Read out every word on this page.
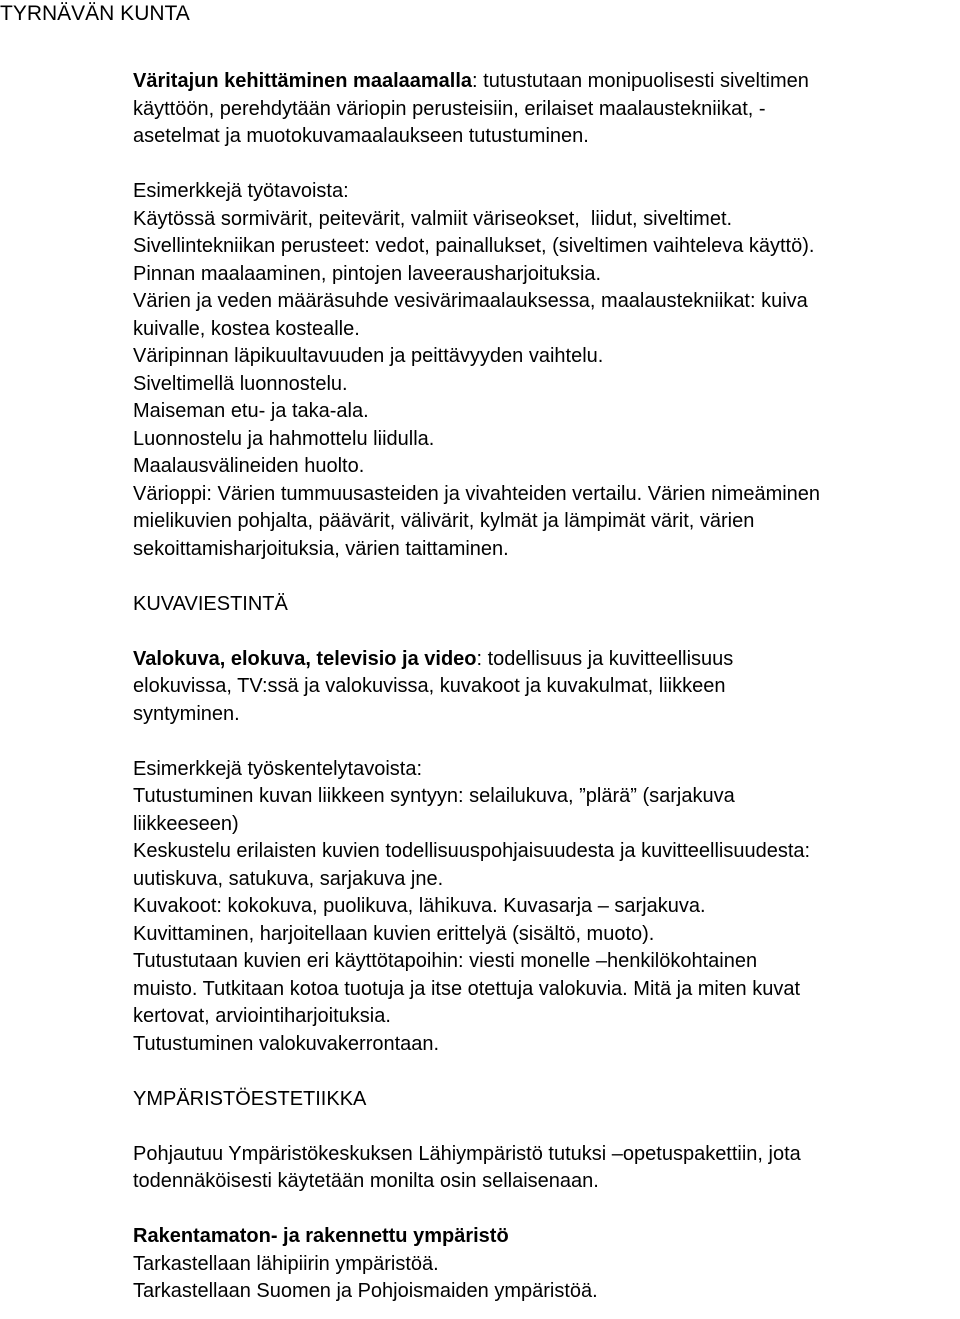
TYRNÄVÄN KUNTA
Väritajun kehittäminen maalaamalla: tutustutaan monipuolisesti siveltimen
käyttöön, perehdytään väriopin perusteisiin, erilaiset maalaustekniikat, -
asetelmat ja muotokuvamaalaukseen tutustuminen.
Esimerkkejä työtavoista:
Käytössä sormivärit, peitevärit, valmiit väriseokset,  liidut, siveltimet.
Sivellintekniikan perusteet: vedot, painallukset, (siveltimen vaihteleva käyttö).
Pinnan maalaaminen, pintojen laveerausharjoituksia.
Värien ja veden määräsuhde vesivärimaalauksessa, maalaustekniikat: kuiva
kuivalle, kostea kostealle.
Väripinnan läpikuultavuuden ja peittävyyden vaihtelu.
Siveltimellä luonnostelu.
Maiseman etu- ja taka-ala.
Luonnostelu ja hahmottelu liidulla.
Maalausvälineiden huolto.
Värioppi: Värien tummuusasteiden ja vivahteiden vertailu. Värien nimeäminen
mielikuvien pohjalta, päävärit, välivärit, kylmät ja lämpimät värit, värien
sekoittamisharjoituksia, värien taittaminen.
KUVAVIESTINTÄ
Valokuva, elokuva, televisio ja video: todellisuus ja kuvitteellisuus
elokuvissa, TV:ssä ja valokuvissa, kuvakoot ja kuvakulmat, liikkeen
syntyminen.
Esimerkkejä työskentelytavoista:
Tutustuminen kuvan liikkeen syntyyn: selailukuva, ”plärä” (sarjakuva
liikkeeseen)
Keskustelu erilaisten kuvien todellisuuspohjaisuudesta ja kuvitteellisuudesta:
uutiskuva, satukuva, sarjakuva jne.
Kuvakoot: kokokuva, puolikuva, lähikuva. Kuvasarja – sarjakuva.
Kuvittaminen, harjoitellaan kuvien erittelyä (sisältö, muoto).
Tutustutaan kuvien eri käyttötapoihin: viesti monelle –henkilökohtainen
muisto. Tutkitaan kotoa tuotuja ja itse otettuja valokuvia. Mitä ja miten kuvat
kertovat, arviointiharjoituksia.
Tutustuminen valokuvakerrontaan.
YMPÄRISTÖESTETIIKKA
Pohjautuu Ympäristökeskuksen Lähiympäristö tutuksi –opetuspakettiin, jota
todennäköisesti käytetään monilta osin sellaisenaan.
Rakentamaton- ja rakennettu ympäristö
Tarkastellaan lähipiirin ympäristöä.
Tarkastellaan Suomen ja Pohjoismaiden ympäristöä.
